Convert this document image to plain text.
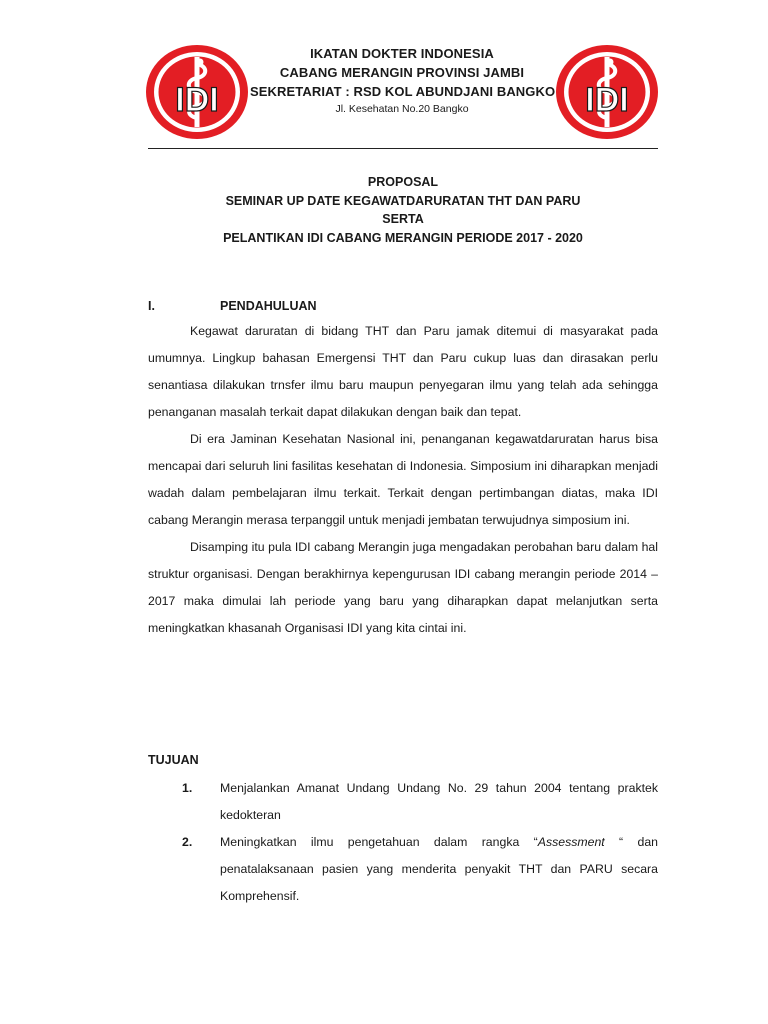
IDI	IDI
IKATAN DOKTER INDONESIA
CABANG MERANGIN PROVINSI JAMBI
SEKRETARIAT : RSD KOL ABUNDJANI BANGKO
Jl. Kesehatan No.20 Bangko
PROPOSAL
SEMINAR UP DATE KEGAWATDARURATAN THT DAN PARU
SERTA
PELANTIKAN IDI CABANG MERANGIN PERIODE 2017 - 2020
I.	PENDAHULUAN

Kegawat daruratan di bidang THT dan Paru jamak ditemui di masyarakat pada umumnya. Lingkup bahasan Emergensi THT dan Paru cukup luas dan dirasakan perlu senantiasa dilakukan trnsfer ilmu baru maupun penyegaran ilmu yang telah ada sehingga penanganan masalah terkait dapat dilakukan dengan baik dan tepat.

Di era Jaminan Kesehatan Nasional ini, penanganan kegawatdaruratan harus bisa mencapai dari seluruh lini fasilitas kesehatan di Indonesia. Simposium ini diharapkan menjadi wadah dalam pembelajaran ilmu terkait. Terkait dengan pertimbangan diatas, maka IDI cabang Merangin merasa terpanggil untuk menjadi jembatan terwujudnya simposium ini.

Disamping itu pula IDI cabang Merangin juga mengadakan perobahan baru dalam hal struktur organisasi. Dengan berakhirnya kepengurusan IDI cabang merangin periode 2014 – 2017 maka dimulai lah periode yang baru yang diharapkan dapat melanjutkan serta meningkatkan khasanah Organisasi IDI yang kita cintai ini.

TUJUAN
1. Menjalankan Amanat Undang Undang No. 29 tahun 2004 tentang praktek kedokteran
2. Meningkatkan ilmu pengetahuan dalam rangka “Assessment “ dan penatalaksanaan pasien yang menderita penyakit THT dan PARU secara Komprehensif.
